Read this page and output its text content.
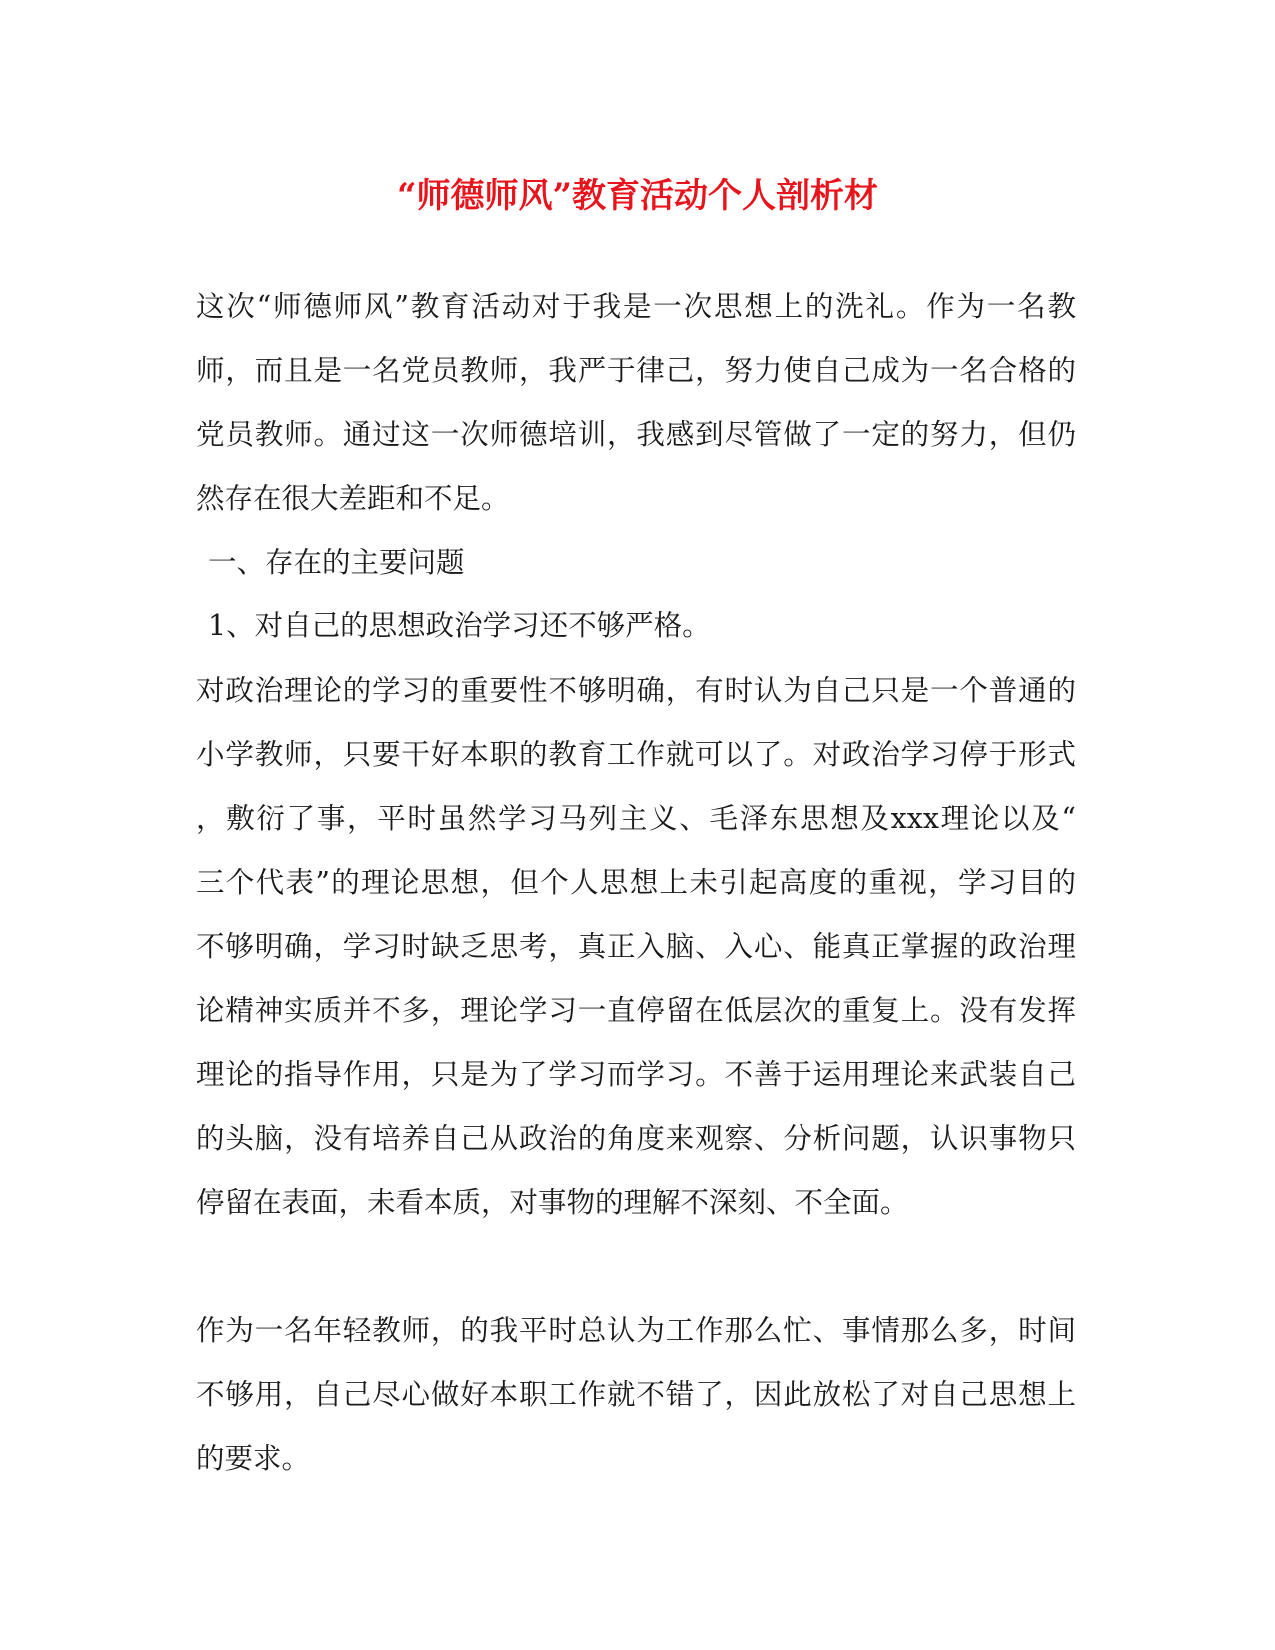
“师德师风”教育活动个人剖析材
这次“师德师风”教育活动对于我是一次思想上的洗礼。作为一名教
师，而且是一名党员教师，我严于律己，努力使自己成为一名合格的
党员教师。通过这一次师德培训，我感到尽管做了一定的努力，但仍
然存在很大差距和不足。
一、存在的主要问题
1、对自己的思想政治学习还不够严格。
对政治理论的学习的重要性不够明确，有时认为自己只是一个普通的
小学教师，只要干好本职的教育工作就可以了。对政治学习停于形式
，敷衍了事，平时虽然学习马列主义、毛泽东思想及xxx理论以及“
三个代表”的理论思想，但个人思想上未引起高度的重视，学习目的
不够明确，学习时缺乏思考，真正入脑、入心、能真正掌握的政治理
论精神实质并不多，理论学习一直停留在低层次的重复上。没有发挥
理论的指导作用，只是为了学习而学习。不善于运用理论来武装自己
的头脑，没有培养自己从政治的角度来观察、分析问题，认识事物只
停留在表面，未看本质，对事物的理解不深刻、不全面。
作为一名年轻教师，的我平时总认为工作那么忙、事情那么多，时间
不够用，自己尽心做好本职工作就不错了，因此放松了对自己思想上
的要求。
